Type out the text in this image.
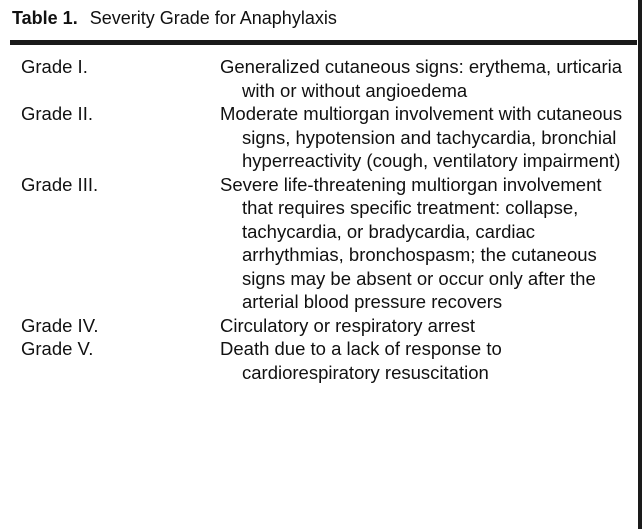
Table 1. Severity Grade for Anaphylaxis
Grade I.	Generalized cutaneous signs: erythema, urticaria with or without angioedema
Grade II.	Moderate multiorgan involvement with cutaneous signs, hypotension and tachycardia, bronchial hyperreactivity (cough, ventilatory impairment)
Grade III.	Severe life-threatening multiorgan involvement that requires specific treatment: collapse, tachycardia, or bradycardia, cardiac arrhythmias, bronchospasm; the cutaneous signs may be absent or occur only after the arterial blood pressure recovers
Grade IV.	Circulatory or respiratory arrest
Grade V.	Death due to a lack of response to cardiorespiratory resuscitation
